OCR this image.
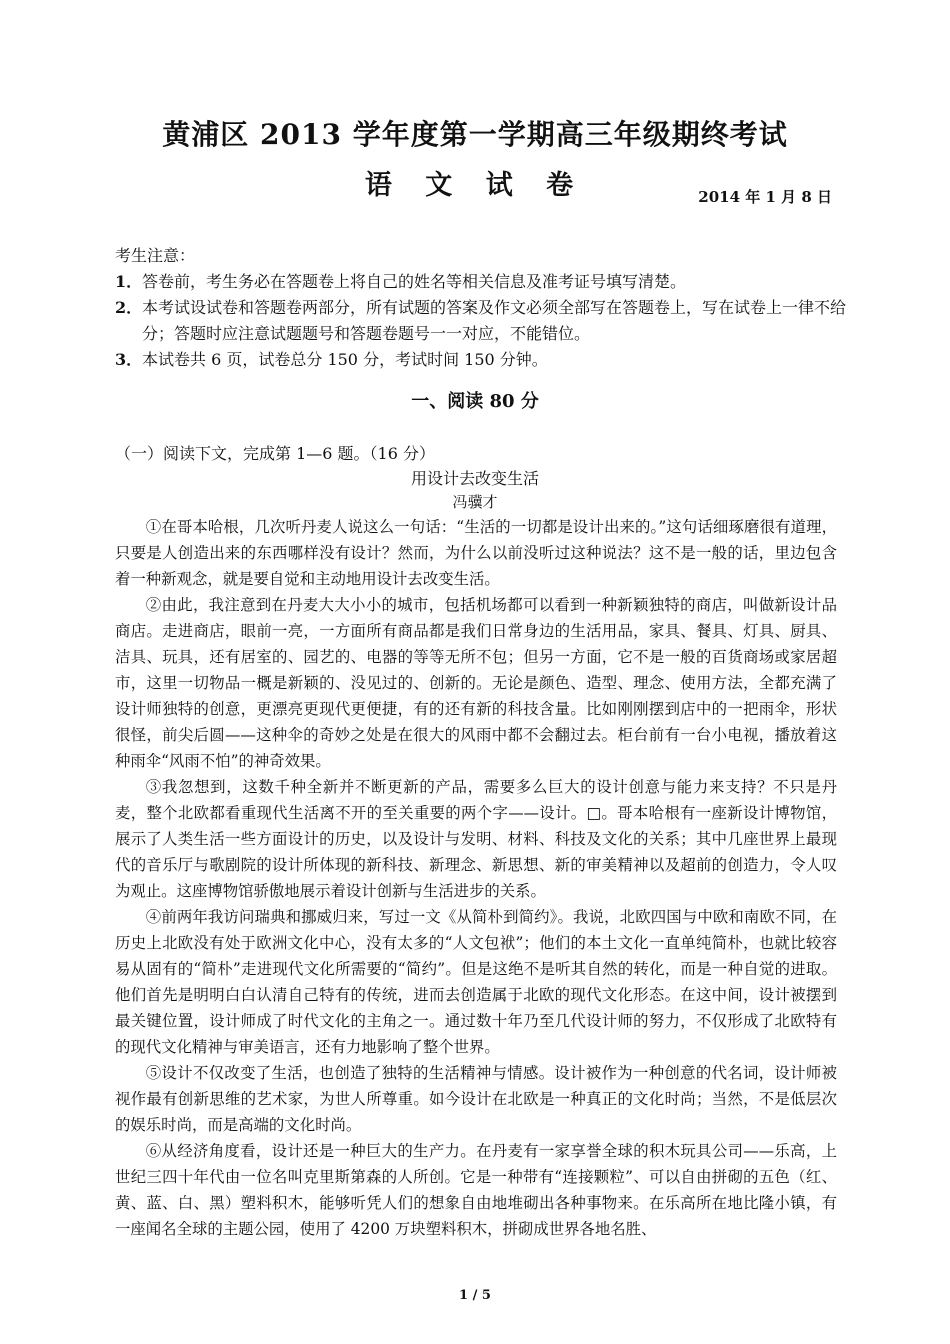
黄浦区 2013 学年度第一学期高三年级期终考试
语 文 试 卷	2014 年 1 月 8 日
考生注意：
1． 答卷前，考生务必在答题卷上将自己的姓名等相关信息及准考证号填写清楚。
2． 本考试设试卷和答题卷两部分，所有试题的答案及作文必须全部写在答题卷上，写在试卷上一律不给分；答题时应注意试题题号和答题卷题号一一对应，不能错位。
3． 本试卷共 6 页，试卷总分 150 分，考试时间 150 分钟。
一、阅读 80 分
（一）阅读下文，完成第 1—6 题。（16 分）
用设计去改变生活
冯骥才

①在哥本哈根，几次听丹麦人说这么一句话：“生活的一切都是设计出来的。”这句话细琢磨很有道理，只要是人创造出来的东西哪样没有设计？然而，为什么以前没听过这种说法？这不是一般的话，里边包含着一种新观念，就是要自觉和主动地用设计去改变生活。

②由此，我注意到在丹麦大大小小的城市，包括机场都可以看到一种新颖独特的商店，叫做新设计品商店。走进商店，眼前一亮，一方面所有商品都是我们日常身边的生活用品，家具、餐具、灯具、厨具、洁具、玩具，还有居室的、园艺的、电器的等等无所不包；但另一方面，它不是一般的百货商场或家居超市，这里一切物品一概是新颖的、没见过的、创新的。无论是颜色、造型、理念、使用方法，全都充满了设计师独特的创意，更漂亮更现代更便捷，有的还有新的科技含量。比如刚刚摆到店中的一把雨伞，形状很怪，前尖后圆——这种伞的奇妙之处是在很大的风雨中都不会翻过去。柜台前有一台小电视，播放着这种雨伞“风雨不怕”的神奇效果。

③我忽想到，这数千种全新并不断更新的产品，需要多么巨大的设计创意与能力来支持？不只是丹麦，整个北欧都看重现代生活离不开的至关重要的两个字——设计。□。哥本哈根有一座新设计博物馆，展示了人类生活一些方面设计的历史，以及设计与发明、材料、科技及文化的关系；其中几座世界上最现代的音乐厅与歌剧院的设计所体现的新科技、新理念、新思想、新的审美精神以及超前的创造力，令人叹为观止。这座博物馆骄傲地展示着设计创新与生活进步的关系。

④前两年我访问瑞典和挪威归来，写过一文《从简朴到简约》。我说，北欧四国与中欧和南欧不同，在历史上北欧没有处于欧洲文化中心，没有太多的“人文包袱”；他们的本土文化一直单纯简朴，也就比较容易从固有的“简朴”走进现代文化所需要的“简约”。但是这绝不是听其自然的转化，而是一种自觉的进取。他们首先是明明白白认清自己特有的传统，进而去创造属于北欧的现代文化形态。在这中间，设计被摆到最关键位置，设计师成了时代文化的主角之一。通过数十年乃至几代设计师的努力，不仅形成了北欧特有的现代文化精神与审美语言，还有力地影响了整个世界。

⑤设计不仅改变了生活，也创造了独特的生活精神与情感。设计被作为一种创意的代名词，设计师被视作最有创新思维的艺术家，为世人所尊重。如今设计在北欧是一种真正的文化时尚；当然，不是低层次的娱乐时尚，而是高端的文化时尚。

⑥从经济角度看，设计还是一种巨大的生产力。在丹麦有一家享誉全球的积木玩具公司——乐高，上世纪三四十年代由一位名叫克里斯第森的人所创。它是一种带有“连接颗粒”、可以自由拼砌的五色（红、黄、蓝、白、黑）塑料积木，能够听凭人们的想象自由地堆砌出各种事物来。在乐高所在地比隆小镇，有一座闻名全球的主题公园，使用了 4200 万块塑料积木，拼砌成世界各地名胜、

1 / 5
